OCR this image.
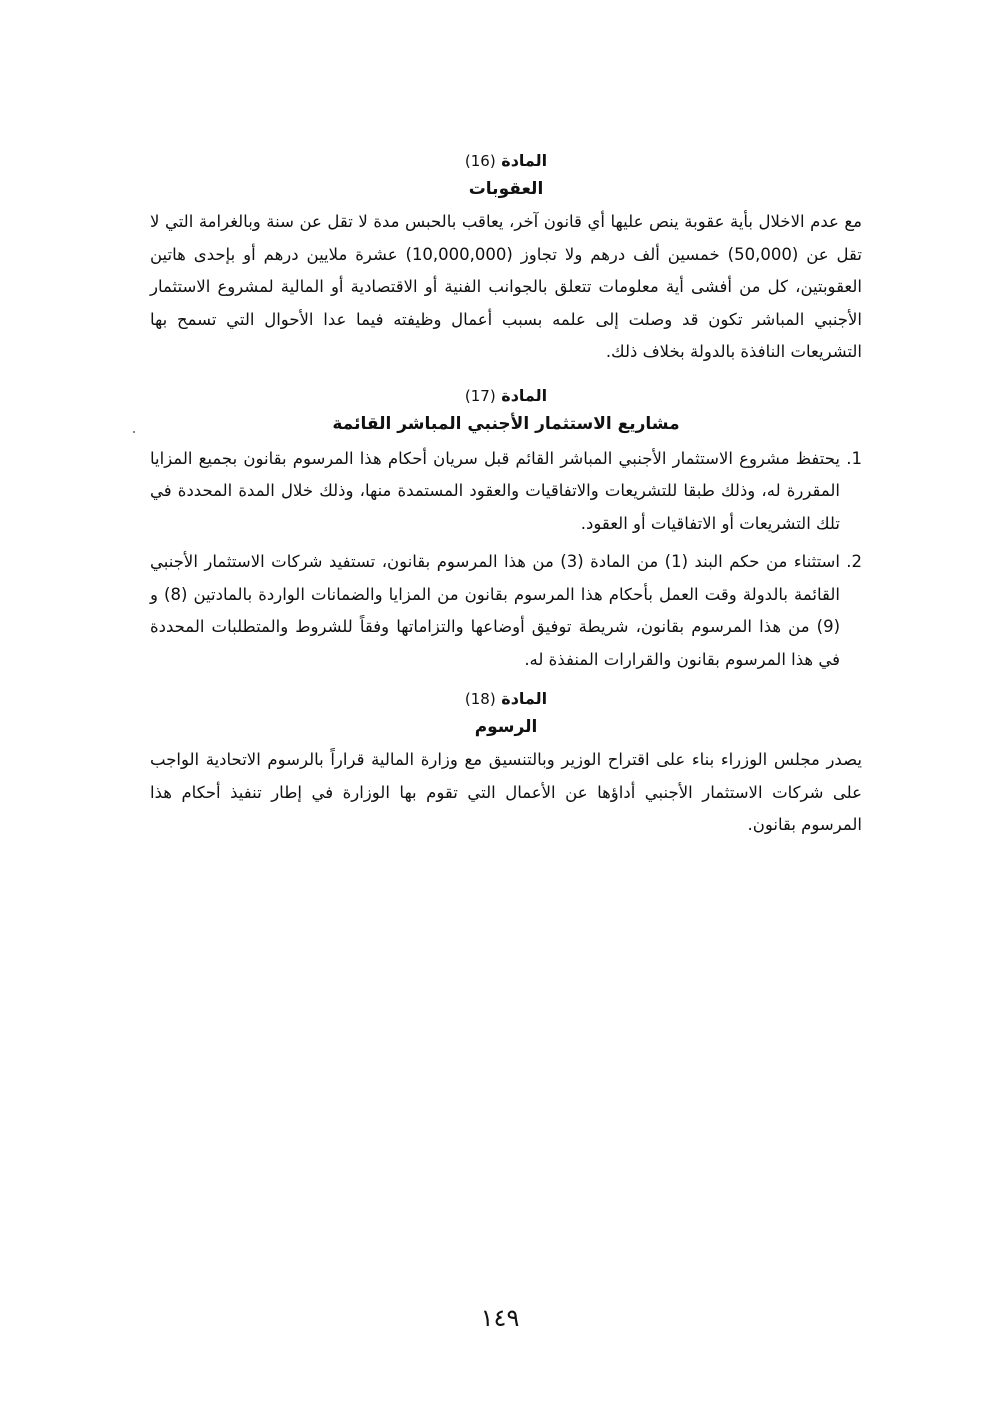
المادة (16)

العقوبات

مع عدم الاخلال بأية عقوبة ينص عليها أي قانون آخر، يعاقب بالحبس مدة لا تقل عن سنة وبالغرامة التي لا تقل عن (50,000) خمسين ألف درهم ولا تجاوز (10,000,000) عشرة ملايين درهم أو بإحدى هاتين العقوبتين، كل من أفشى أية معلومات تتعلق بالجوانب الفنية أو الاقتصادية أو المالية لمشروع الاستثمار الأجنبي المباشر تكون قد وصلت إلى علمه بسبب أعمال وظيفته فيما عدا الأحوال التي تسمح بها التشريعات النافذة بالدولة بخلاف ذلك.

المادة (17)

مشاريع الاستثمار الأجنبي المباشر القائمة

1.
يحتفظ مشروع الاستثمار الأجنبي المباشر القائم قبل سريان أحكام هذا المرسوم بقانون بجميع المزايا المقررة له، وذلك طبقا للتشريعات والاتفاقيات والعقود المستمدة منها، وذلك خلال المدة المحددة في تلك التشريعات أو الاتفاقيات أو العقود.
2.
استثناء من حكم البند (1) من المادة (3) من هذا المرسوم بقانون، تستفيد شركات الاستثمار الأجنبي القائمة بالدولة وقت العمل بأحكام هذا المرسوم بقانون من المزايا والضمانات الواردة بالمادتين (8) و (9) من هذا المرسوم بقانون، شريطة توفيق أوضاعها والتزاماتها وفقاً للشروط والمتطلبات المحددة في هذا المرسوم بقانون والقرارات المنفذة له.

المادة (18)

الرسوم

يصدر مجلس الوزراء بناء على اقتراح الوزير وبالتنسيق مع وزارة المالية قراراً بالرسوم الاتحادية الواجب على شركات الاستثمار الأجنبي أداؤها عن الأعمال التي تقوم بها الوزارة في إطار تنفيذ أحكام هذا المرسوم بقانون.

١٤٩
